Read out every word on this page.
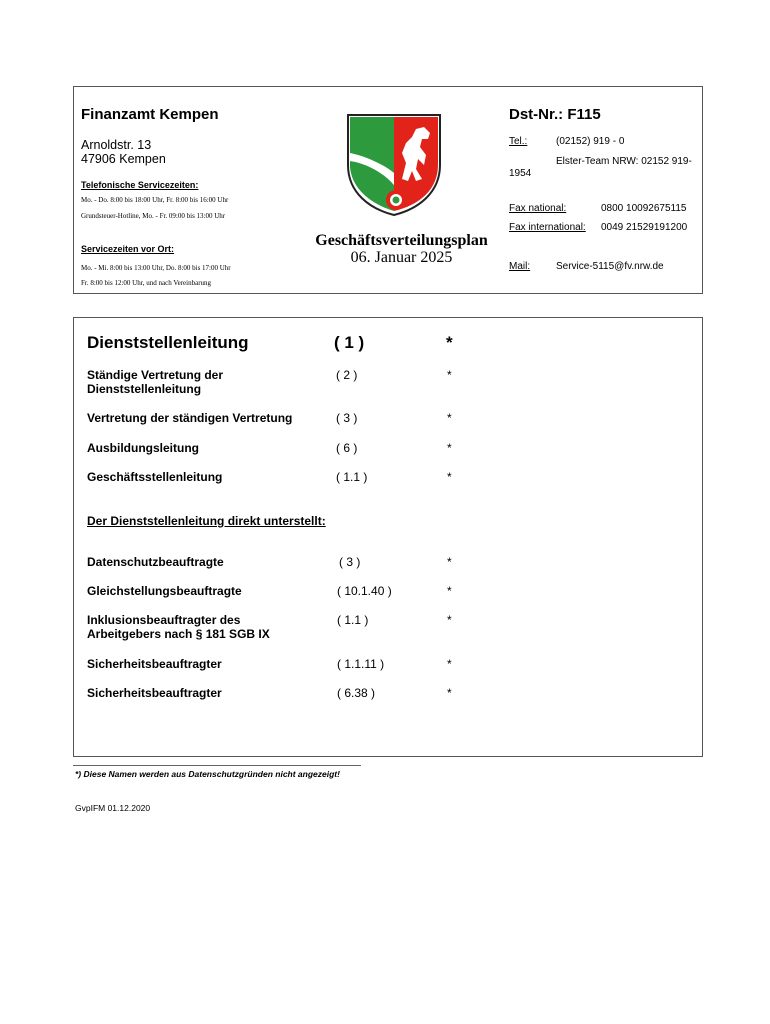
Finanzamt Kempen	Dst-Nr.: F115
Arnoldstr. 13
47906 Kempen
Telefonische Servicezeiten:
Mo. - Do. 8:00 bis 18:00 Uhr, Fr. 8:00 bis 16:00 Uhr
Grundsteuer-Hotline, Mo. - Fr. 09:00 bis 13:00 Uhr
Servicezeiten vor Ort:
Mo. - Mi. 8:00 bis 13:00 Uhr, Do. 8:00 bis 17:00 Uhr
Fr. 8:00 bis 12:00 Uhr, und nach Vereinbarung
Geschäftsverteilungsplan
06. Januar 2025
Tel.:	(02152) 919 - 0
Elster-Team NRW: 02152 919-
1954
Fax national:	0800 10092675115
Fax international: 0049 21529191200
Mail:	Service-5115@fv.nrw.de
Dienststellenleitung	( 1 )	*
Ständige Vertretung der
Dienststellenleitung
( 2 )	*
Vertretung der ständigen Vertretung	( 3 )	*
Ausbildungsleitung	( 6 )	*
Geschäftsstellenleitung	( 1.1 )	*
Der Dienststellenleitung direkt unterstellt:
Datenschutzbeauftragte	( 3 )	*
Gleichstellungsbeauftragte	( 10.1.40 )	*
Inklusionsbeauftragter des
Arbeitgebers nach § 181 SGB IX
( 1.1 )	*
Sicherheitsbeauftragter	( 1.1.11 )	*
Sicherheitsbeauftragter	( 6.38 )	*
*) Diese Namen werden aus Datenschutzgründen nicht angezeigt!
GvpIFM 01.12.2020
